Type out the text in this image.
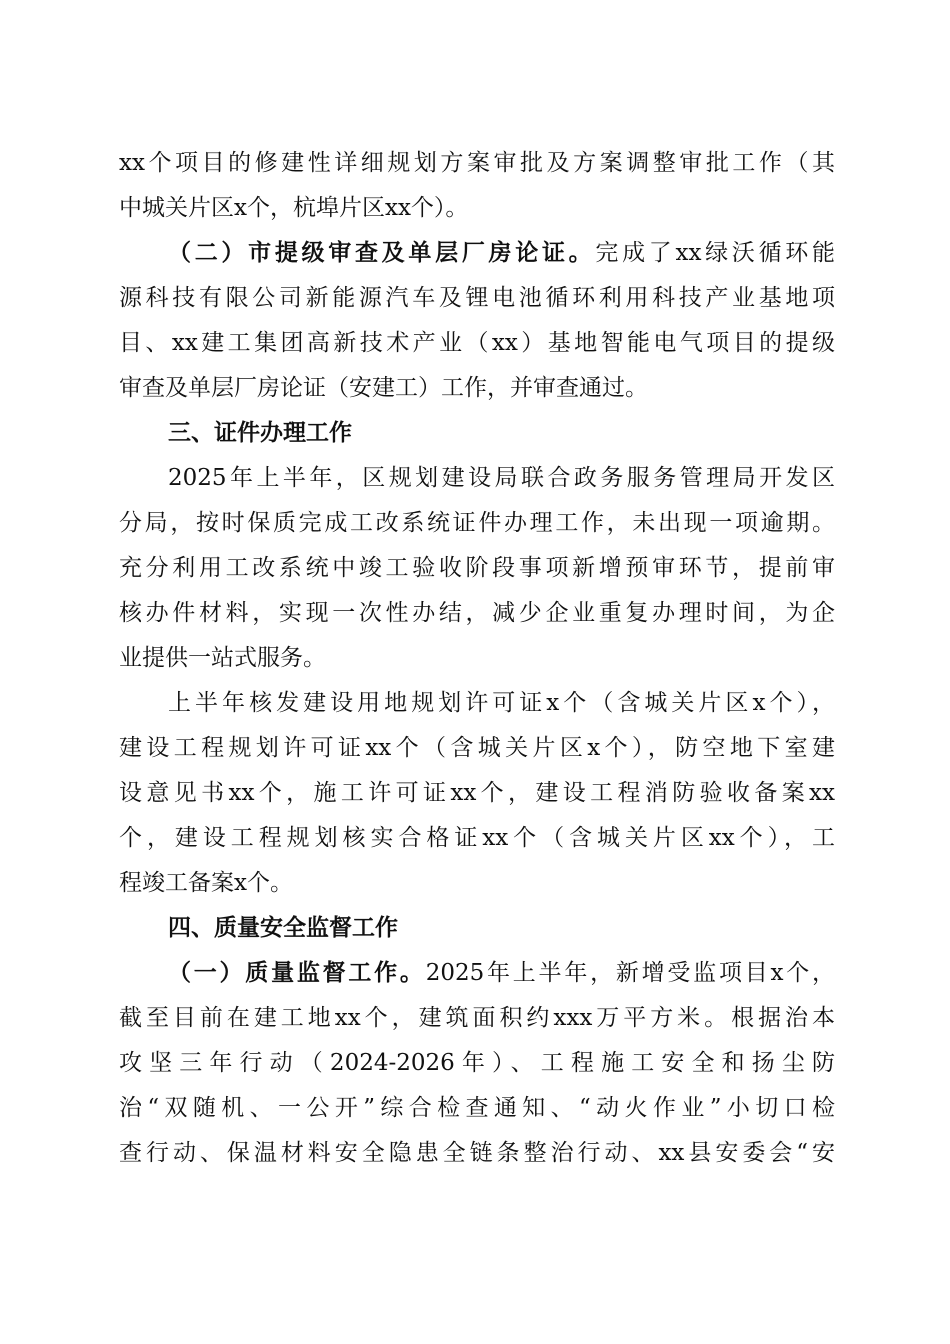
xx个项目的修建性详细规划方案审批及方案调整审批工作（其
中城关片区x个，杭埠片区xx个）。
（二）市提级审查及单层厂房论证。完成了xx绿沃循环能
源科技有限公司新能源汽车及锂电池循环利用科技产业基地项
目、xx建工集团高新技术产业（xx）基地智能电气项目的提级
审查及单层厂房论证（安建工）工作，并审查通过。
三、证件办理工作
2025年上半年，区规划建设局联合政务服务管理局开发区
分局，按时保质完成工改系统证件办理工作，未出现一项逾期。
充分利用工改系统中竣工验收阶段事项新增预审环节，提前审
核办件材料，实现一次性办结，减少企业重复办理时间，为企
业提供一站式服务。
上半年核发建设用地规划许可证x个（含城关片区x个），
建设工程规划许可证xx个（含城关片区x个），防空地下室建
设意见书xx个，施工许可证xx个，建设工程消防验收备案xx
个，建设工程规划核实合格证xx个（含城关片区xx个），工
程竣工备案x个。
四、质量安全监督工作
（一）质量监督工作。2025年上半年，新增受监项目x个，
截至目前在建工地xx个，建筑面积约xxx万平方米。根据治本
攻坚三年行动（2024-2026年）、工程施工安全和扬尘防
治“双随机、一公开”综合检查通知、“动火作业”小切口检
查行动、保温材料安全隐患全链条整治行动、xx县安委会“安
